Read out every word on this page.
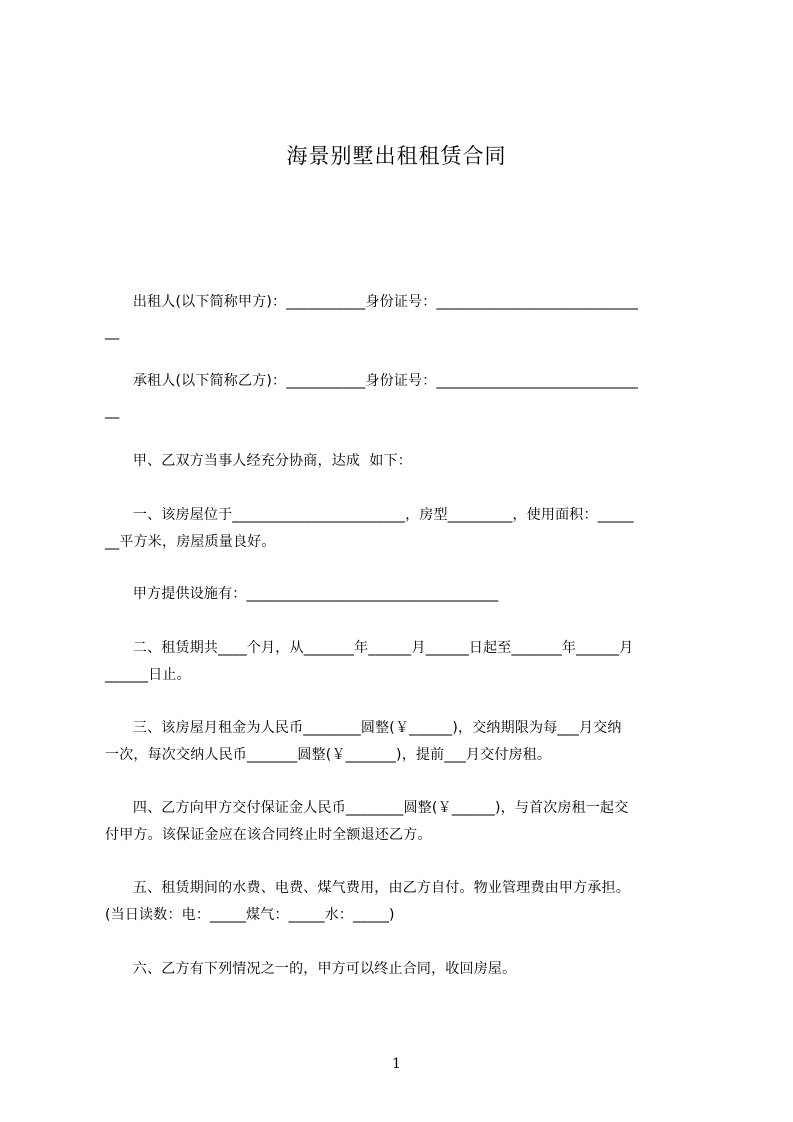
海景别墅出租租赁合同
出租人(以下简称甲方)：___________身份证号：____________________________
__
承租人(以下简称乙方)：___________身份证号：____________________________
__
甲、乙双方当事人经充分协商，达成  如下：
一、该房屋位于________________________，房型_________，使用面积：_____
__平方米，房屋质量良好。
甲方提供设施有：___________________________________
二、租赁期共____个月，从_______年______月______日起至_______年______月
______日止。
三、该房屋月租金为人民币________圆整(￥______)，交纳期限为每___月交纳
一次，每次交纳人民币_______圆整(￥_______)，提前___月交付房租。
四、乙方向甲方交付保证金人民币________圆整(￥______)，与首次房租一起交
付甲方。该保证金应在该合同终止时全额退还乙方。
五、租赁期间的水费、电费、煤气费用，由乙方自付。物业管理费由甲方承担。
(当日读数：电：_____煤气：_____水：_____)
六、乙方有下列情况之一的，甲方可以终止合同，收回房屋。
1
